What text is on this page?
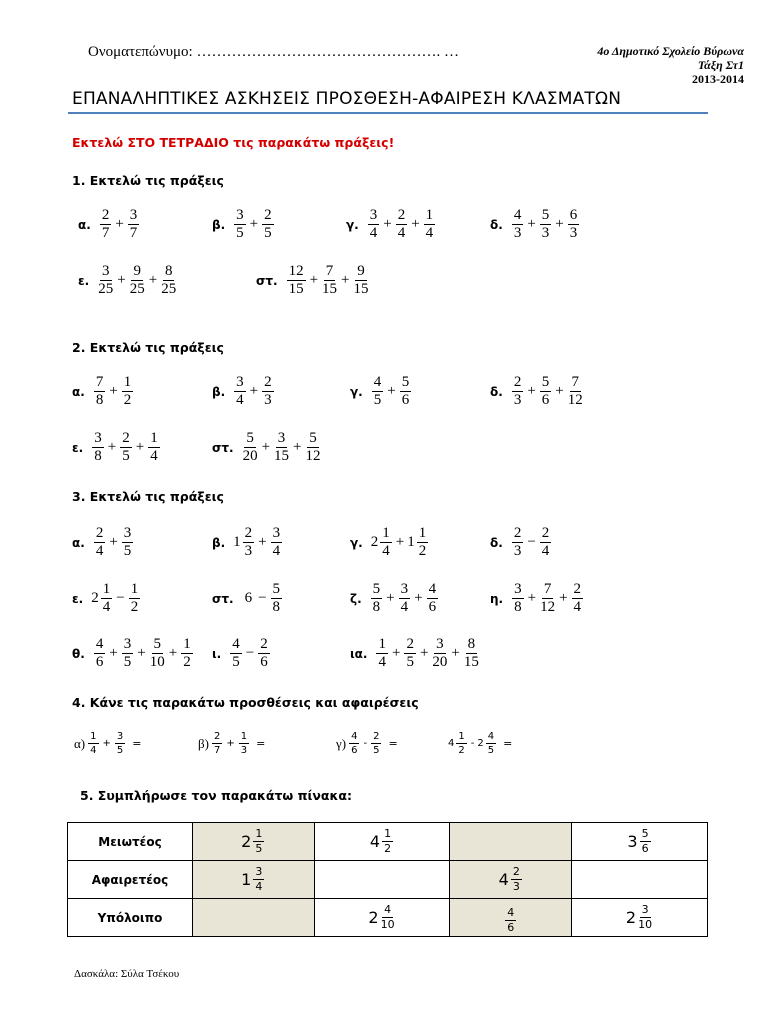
Ονοματεπώνυμο: …………………………………………. …	4ο Δημοτικό Σχολείο Βύρωνα
Τάξη Στ1
2013-2014
ΕΠΑΝΑΛΗΠΤΙΚΕΣ ΑΣΚΗΣΕΙΣ ΠΡΟΣΘΕΣΗ-ΑΦΑΙΡΕΣΗ ΚΛΑΣΜΑΤΩΝ
Εκτελώ ΣΤΟ ΤΕΤΡΑΔΙΟ τις παρακάτω πράξεις!
1. Εκτελώ τις πράξεις
2. Εκτελώ τις πράξεις
3. Εκτελώ τις πράξεις
4. Κάνε τις παρακάτω προσθέσεις και αφαιρέσεις
5. Συμπλήρωσε τον παρακάτω πίνακα:
α. $\frac{2}{7} + \frac{3}{7}$	β. $\frac{3}{5} + \frac{2}{5}$	γ. $\frac{3}{4} + \frac{2}{4} + \frac{1}{4}$	δ. $\frac{4}{3} + \frac{5}{3} + \frac{6}{3}$
ε. $\frac{3}{25} + \frac{9}{25} + \frac{8}{25}$	στ. $\frac{12}{15} + \frac{7}{15} + \frac{9}{15}$
α. $\frac{7}{8} + \frac{1}{2}$	β. $\frac{3}{4} + \frac{2}{3}$	γ. $\frac{4}{5} + \frac{5}{6}$	δ. $\frac{2}{3} + \frac{5}{6} + \frac{7}{12}$
ε. $\frac{3}{8} + \frac{2}{5} + \frac{1}{4}$	στ. $\frac{5}{20} + \frac{3}{15} + \frac{5}{12}$
α. $\frac{2}{4} + \frac{3}{5}$	β. $1 \frac{2}{3} + \frac{3}{4}$	γ. $2 \frac{1}{4} + 1 \frac{1}{2}$	δ. $\frac{2}{3} - \frac{2}{4}$
ε. $2 \frac{1}{4} - \frac{1}{2}$	στ. $6 - \frac{5}{8}$	ζ. $\frac{5}{8} + \frac{3}{4} + \frac{4}{6}$	η. $\frac{3}{8} + \frac{7}{12} + \frac{2}{4}$
θ. $\frac{4}{6} + \frac{3}{5} + \frac{5}{10} + \frac{1}{2} \iota$. $\frac{4}{5} - \frac{2}{6}$	ια. $\frac{1}{4} + \frac{2}{5} + \frac{3}{20} + \frac{8}{15}$
$\alpha) \frac{1}{4} + \frac{3}{5}$ =	$\beta) \frac{2}{7} + \frac{1}{3}$ =	$\gamma) \frac{4}{6} - \frac{2}{5}$ =	$4 \frac{1}{2} - 2 \frac{4}{5}$ =
Μειωτέος	$2 \frac{1}{5}$	$4 \frac{1}{2}$		$3 \frac{5}{6}$

Αφαιρετέος	$1 \frac{3}{4}$		$4 \frac{2}{3}$

Υπόλοιπο		$2 \frac{4}{10}$	$\frac{4}{6}$	$2 \frac{3}{10}$
Δασκάλα: Σύλα Τσέκου
